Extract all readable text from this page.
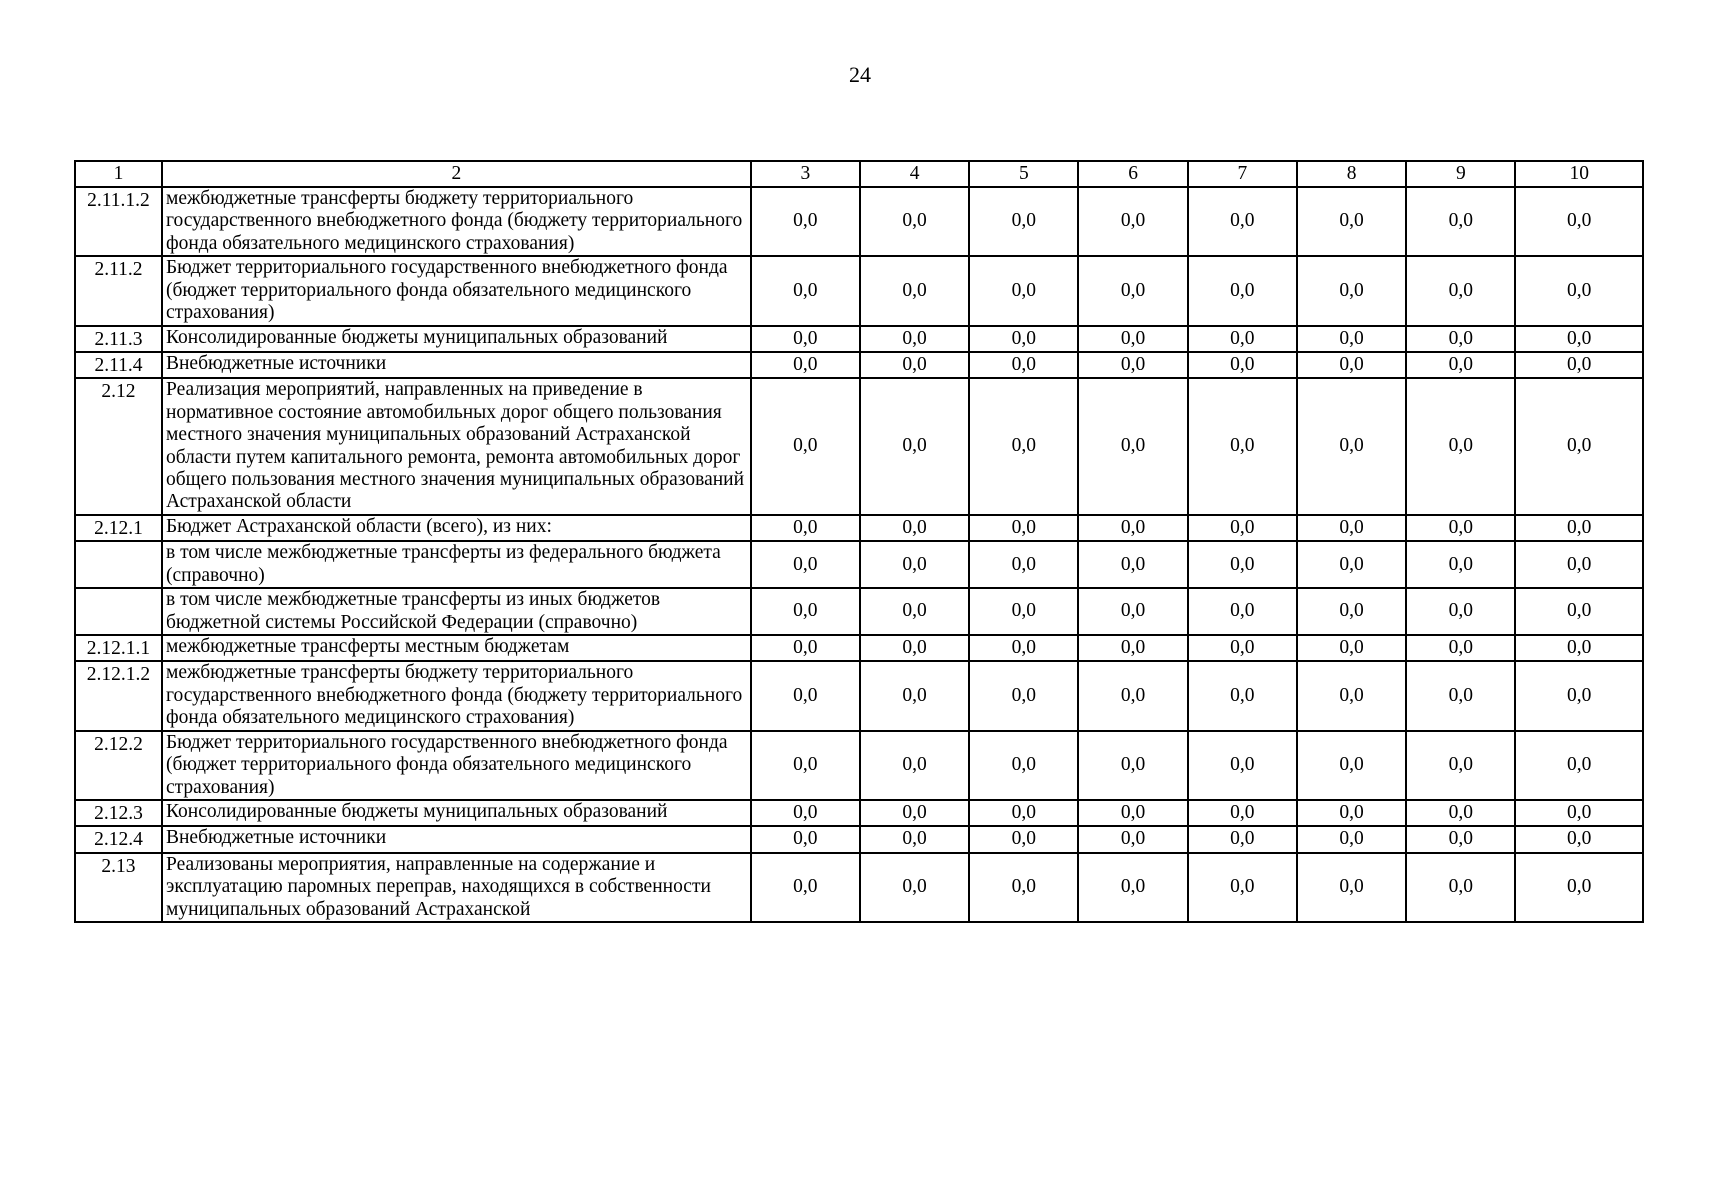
24
1	2	3	4	5	6	7	8	9	10
2.11.1.2	межбюджетные трансферты бюджету территориального государственного внебюджетного фонда (бюджету территориального фонда обязательного медицинского страхования)	0,0	0,0	0,0	0,0	0,0	0,0	0,0	0,0
2.11.2	Бюджет территориального государственного внебюджетного фонда (бюджет территориального фонда обязательного медицинского страхования)	0,0	0,0	0,0	0,0	0,0	0,0	0,0	0,0
2.11.3	Консолидированные бюджеты муниципальных образований	0,0	0,0	0,0	0,0	0,0	0,0	0,0	0,0
2.11.4	Внебюджетные источники	0,0	0,0	0,0	0,0	0,0	0,0	0,0	0,0
2.12	Реализация мероприятий, направленных на приведение в нормативное состояние автомобильных дорог общего пользования местного значения муниципальных образований Астраханской области путем капитального ремонта, ремонта автомобильных дорог общего пользования местного значения муниципальных образований Астраханской области	0,0	0,0	0,0	0,0	0,0	0,0	0,0	0,0
2.12.1	Бюджет Астраханской области (всего), из них:	0,0	0,0	0,0	0,0	0,0	0,0	0,0	0,0
	в том числе межбюджетные трансферты из федерального бюджета (справочно)	0,0	0,0	0,0	0,0	0,0	0,0	0,0	0,0
	в том числе межбюджетные трансферты из иных бюджетов бюджетной системы Российской Федерации (справочно)	0,0	0,0	0,0	0,0	0,0	0,0	0,0	0,0
2.12.1.1	межбюджетные трансферты местным бюджетам	0,0	0,0	0,0	0,0	0,0	0,0	0,0	0,0
2.12.1.2	межбюджетные трансферты бюджету территориального государственного внебюджетного фонда (бюджету территориального фонда обязательного медицинского страхования)	0,0	0,0	0,0	0,0	0,0	0,0	0,0	0,0
2.12.2	Бюджет территориального государственного внебюджетного фонда (бюджет территориального фонда обязательного медицинского страхования)	0,0	0,0	0,0	0,0	0,0	0,0	0,0	0,0
2.12.3	Консолидированные бюджеты муниципальных образований	0,0	0,0	0,0	0,0	0,0	0,0	0,0	0,0
2.12.4	Внебюджетные источники	0,0	0,0	0,0	0,0	0,0	0,0	0,0	0,0
2.13	Реализованы мероприятия, направленные на содержание и эксплуатацию паромных переправ, находящихся в собственности муниципальных образований Астраханской	0,0	0,0	0,0	0,0	0,0	0,0	0,0	0,0
